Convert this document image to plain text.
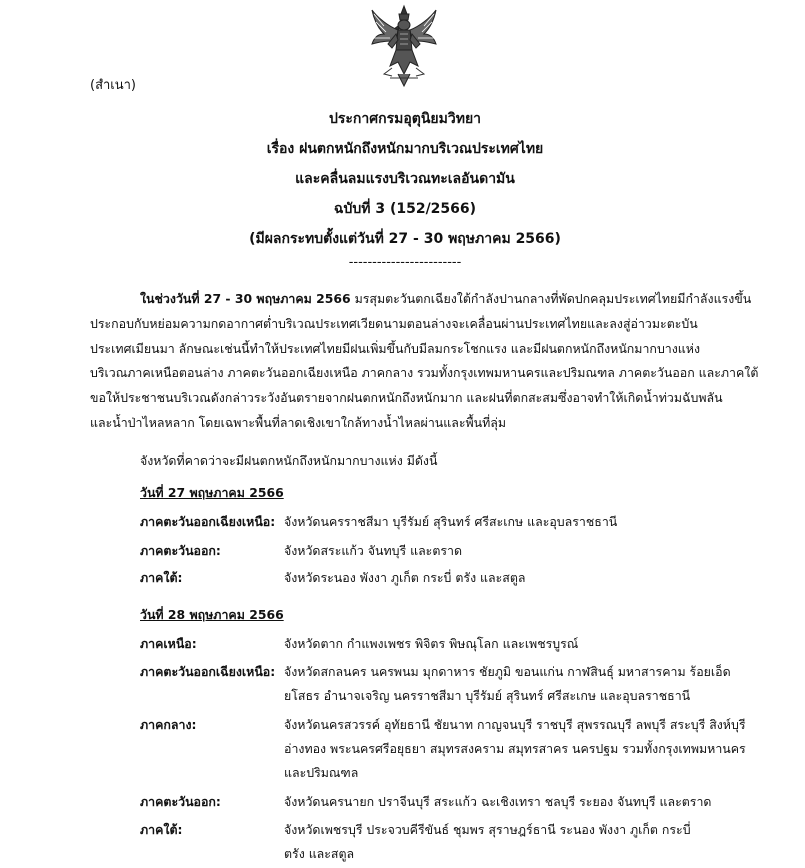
(สำเนา)
ประกาศกรมอุตุนิยมวิทยา
เรื่อง ฝนตกหนักถึงหนักมากบริเวณประเทศไทย
และคลื่นลมแรงบริเวณทะเลอันดามัน
ฉบับที่ 3 (152/2566)
(มีผลกระทบตั้งแต่วันที่ 27 - 30 พฤษภาคม 2566)
------------------------
ในช่วงวันที่ 27 - 30 พฤษภาคม 2566 มรสุมตะวันตกเฉียงใต้กำลังปานกลางที่พัดปกคลุมประเทศไทยมีกำลังแรงขึ้น
ประกอบกับหย่อมความกดอากาศต่ำบริเวณประเทศเวียดนามตอนล่างจะเคลื่อนผ่านประเทศไทยและลงสู่อ่าวมะตะบัน
ประเทศเมียนมา ลักษณะเช่นนี้ทำให้ประเทศไทยมีฝนเพิ่มขึ้นกับมีลมกระโชกแรง และมีฝนตกหนักถึงหนักมากบางแห่ง
บริเวณภาคเหนือตอนล่าง ภาคตะวันออกเฉียงเหนือ ภาคกลาง รวมทั้งกรุงเทพมหานครและปริมณฑล ภาคตะวันออก และภาคใต้
ขอให้ประชาชนบริเวณดังกล่าวระวังอันตรายจากฝนตกหนักถึงหนักมาก และฝนที่ตกสะสมซึ่งอาจทำให้เกิดน้ำท่วมฉับพลัน
และน้ำป่าไหลหลาก โดยเฉพาะพื้นที่ลาดเชิงเขาใกล้ทางน้ำไหลผ่านและพื้นที่ลุ่ม
จังหวัดที่คาดว่าจะมีฝนตกหนักถึงหนักมากบางแห่ง มีดังนี้
วันที่ 27 พฤษภาคม 2566
ภาคตะวันออกเฉียงเหนือ: จังหวัดนครราชสีมา บุรีรัมย์ สุรินทร์ ศรีสะเกษ และอุบลราชธานี
ภาคตะวันออก:	จังหวัดสระแก้ว จันทบุรี และตราด
ภาคใต้:	จังหวัดระนอง พังงา ภูเก็ต กระบี่ ตรัง และสตูล
วันที่ 28 พฤษภาคม 2566
ภาคเหนือ:	จังหวัดตาก กำแพงเพชร พิจิตร พิษณุโลก และเพชรบูรณ์
ภาคตะวันออกเฉียงเหนือ: จังหวัดสกลนคร นครพนม มุกดาหาร ชัยภูมิ ขอนแก่น กาฬสินธุ์ มหาสารคาม ร้อยเอ็ด
ยโสธร อำนาจเจริญ นครราชสีมา บุรีรัมย์ สุรินทร์ ศรีสะเกษ และอุบลราชธานี
ภาคกลาง:	จังหวัดนครสวรรค์ อุทัยธานี ชัยนาท กาญจนบุรี ราชบุรี สุพรรณบุรี ลพบุรี สระบุรี สิงห์บุรี
อ่างทอง พระนครศรีอยุธยา สมุทรสงคราม สมุทรสาคร นครปฐม รวมทั้งกรุงเทพมหานคร
และปริมณฑล
ภาคตะวันออก:	จังหวัดนครนายก ปราจีนบุรี สระแก้ว ฉะเชิงเทรา ชลบุรี ระยอง จันทบุรี และตราด
ภาคใต้:	จังหวัดเพชรบุรี ประจวบคีรีขันธ์ ชุมพร สุราษฎร์ธานี ระนอง พังงา ภูเก็ต กระบี่
ตรัง และสตูล
